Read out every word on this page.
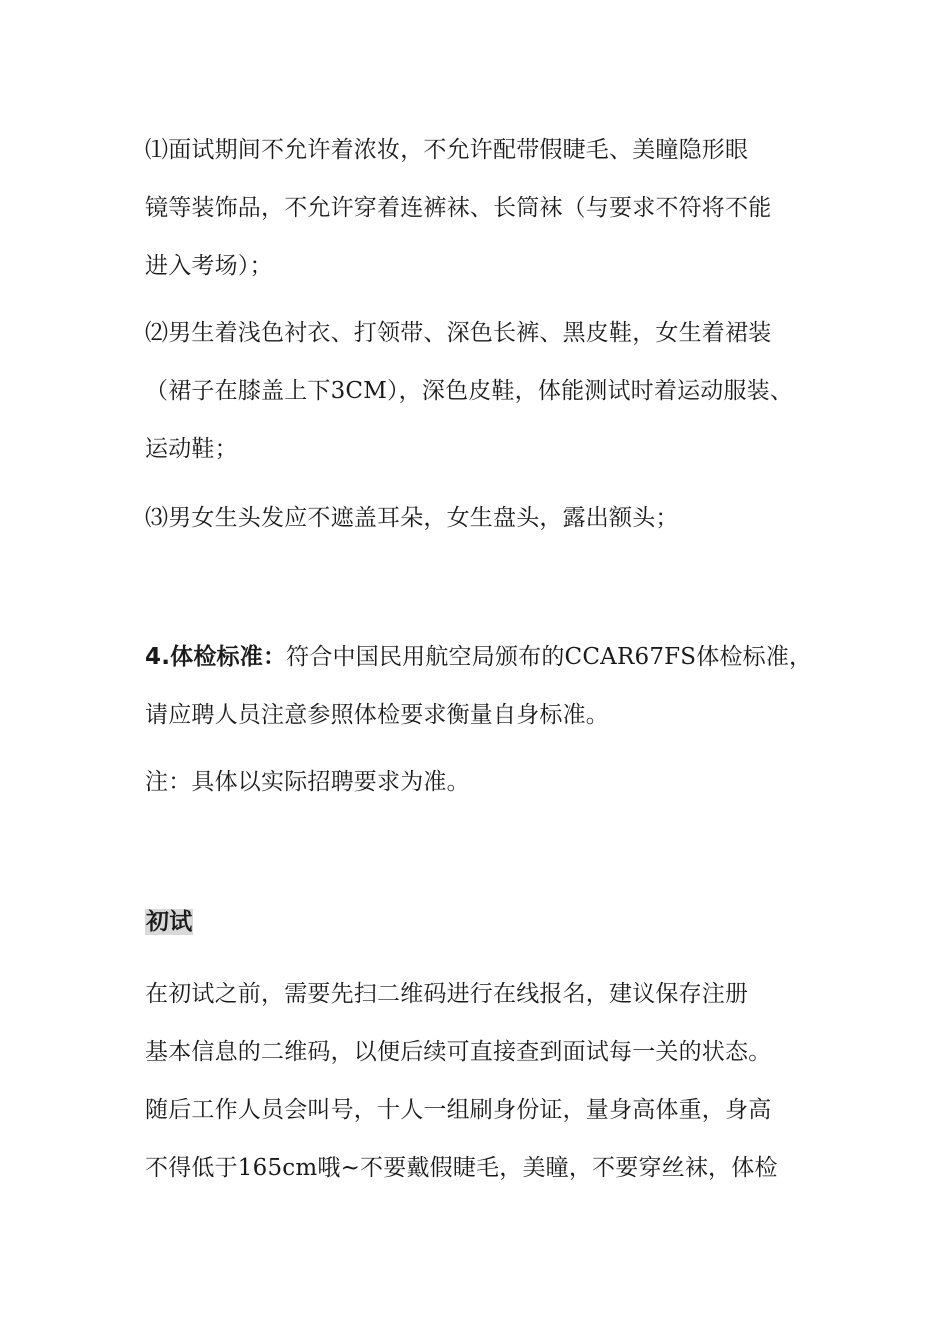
⑴面试期间不允许着浓妆，不允许配带假睫毛、美瞳隐形眼
镜等装饰品，不允许穿着连裤袜、长筒袜（与要求不符将不能
进入考场）；
⑵男生着浅色衬衣、打领带、深色长裤、黑皮鞋，女生着裙装
（裙子在膝盖上下3CM），深色皮鞋，体能测试时着运动服装、
运动鞋；
⑶男女生头发应不遮盖耳朵，女生盘头，露出额头；
4.体检标准：符合中国民用航空局颁布的CCAR67FS体检标准，
请应聘人员注意参照体检要求衡量自身标准。
注：具体以实际招聘要求为准。
初试
在初试之前，需要先扫二维码进行在线报名，建议保存注册
基本信息的二维码，以便后续可直接查到面试每一关的状态。
随后工作人员会叫号，十人一组刷身份证，量身高体重，身高
不得低于165cm哦~不要戴假睫毛，美瞳，不要穿丝袜，体检
